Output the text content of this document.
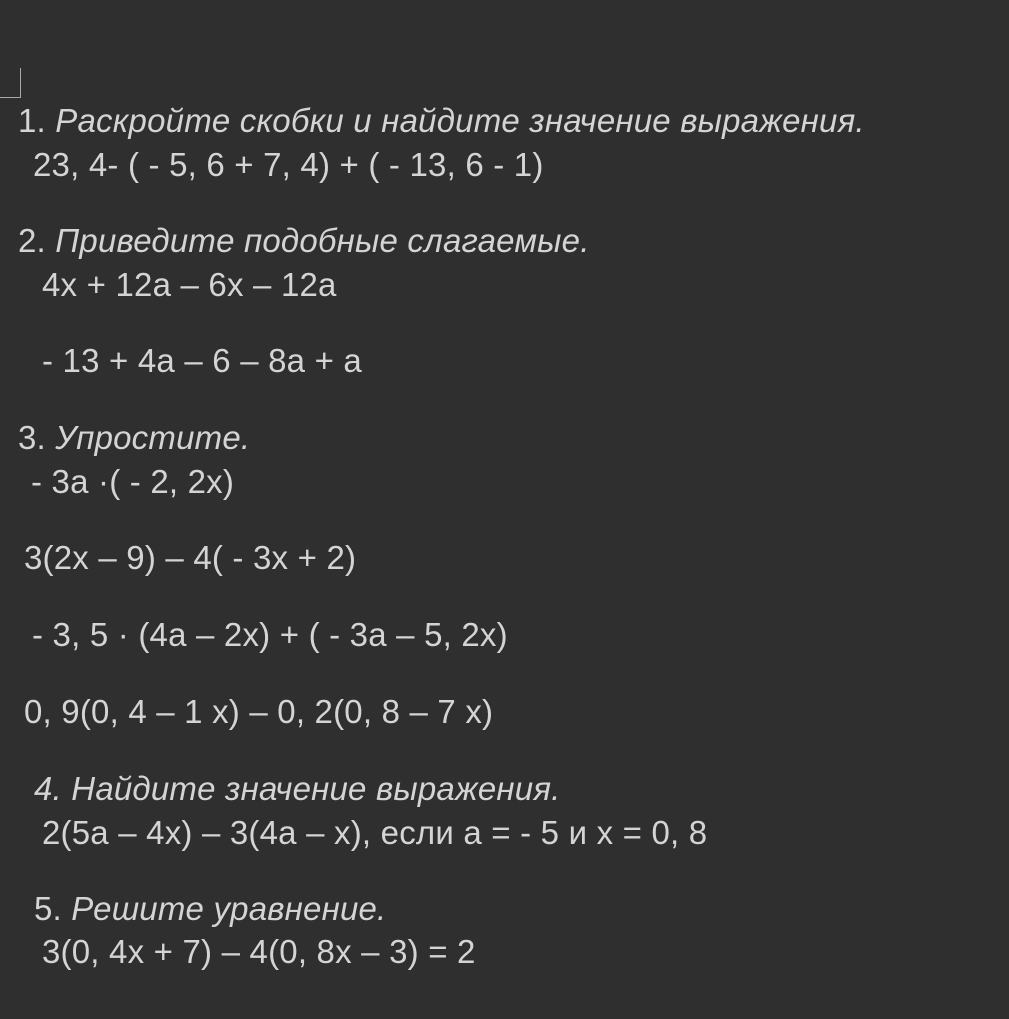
1. Раскройте скобки и найдите значение выражения.
23, 4- ( - 5, 6 + 7, 4) + ( - 13, 6 - 1)
2. Приведите подобные слагаемые.
4x + 12a – 6x – 12a
- 13 + 4a – 6 – 8a + a
3. Упростите.
- 3a ·( - 2, 2x)
3(2x – 9) – 4( - 3x + 2)
- 3, 5 · (4a – 2x) + ( - 3a – 5, 2x)
0, 9(0, 4 – 1 x) – 0, 2(0, 8 – 7 x)
4. Найдите значение выражения.
2(5a – 4x) – 3(4a – x), если a = - 5 и x = 0, 8
5. Решите уравнение.
3(0, 4x + 7) – 4(0, 8x – 3) = 2
